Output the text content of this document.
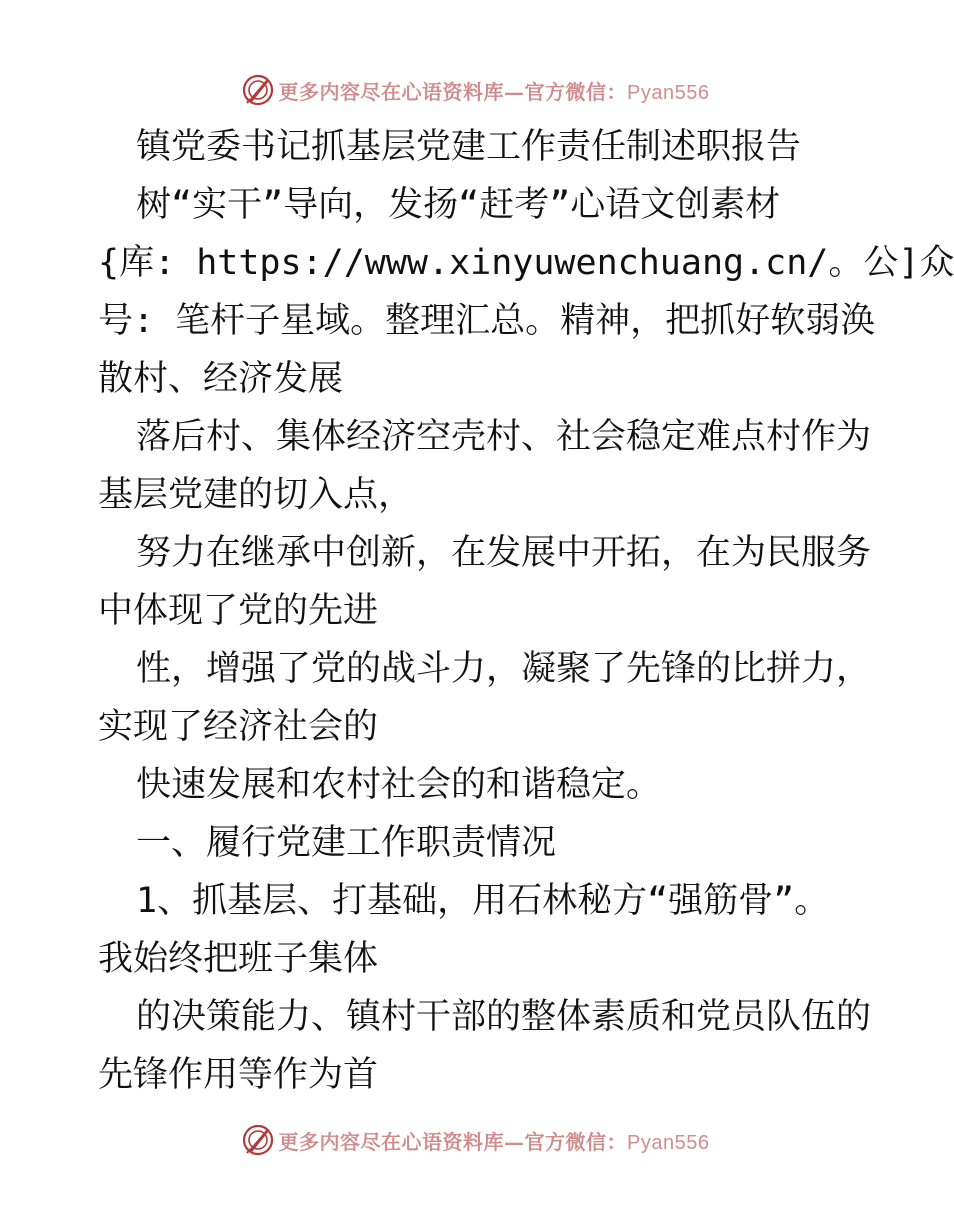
更多内容尽在心语资料库—官方微信：Pyan556
镇党委书记抓基层党建工作责任制述职报告
树“实干”导向，发扬“赶考”心语文创素材
{库: https://www.xinyuwenchuang.cn/。公]众
号: 笔杆子星域。整理汇总。精神，把抓好软弱涣
散村、经济发展
落后村、集体经济空壳村、社会稳定难点村作为
基层党建的切入点，
努力在继承中创新，在发展中开拓，在为民服务
中体现了党的先进
性，增强了党的战斗力，凝聚了先锋的比拼力，
实现了经济社会的
快速发展和农村社会的和谐稳定。
一、履行党建工作职责情况
1、抓基层、打基础，用石林秘方“强筋骨”。
我始终把班子集体
的决策能力、镇村干部的整体素质和党员队伍的
先锋作用等作为首
更多内容尽在心语资料库—官方微信：Pyan556
